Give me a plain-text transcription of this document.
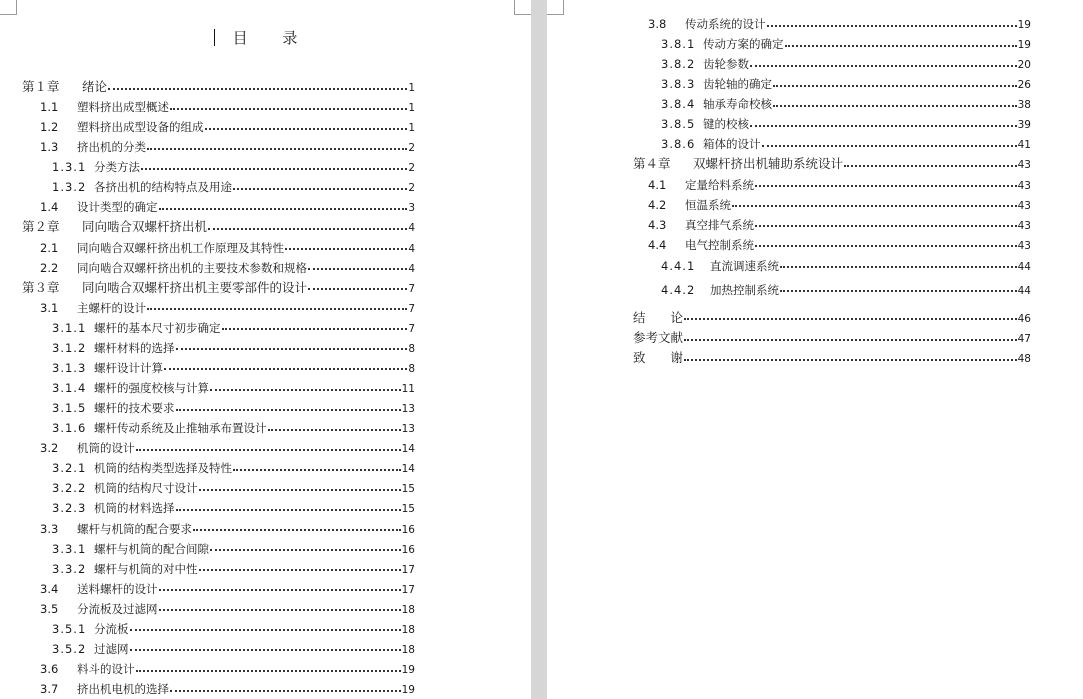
目 录
第１章	绪论	1
1.1	塑料挤出成型概述	1
1.2	塑料挤出成型设备的组成	1
1.3	挤出机的分类	2
1.3.1 分类方法	2
1.3.2 各挤出机的结构特点及用途	2
1.4	设计类型的确定	3
第２章	同向啮合双螺杆挤出机	4
2.1	同向啮合双螺杆挤出机工作原理及其特性	4
2.2	同向啮合双螺杆挤出机的主要技术参数和规格	4
第３章	同向啮合双螺杆挤出机主要零部件的设计	7
3.1	主螺杆的设计	7
3.1.1 螺杆的基本尺寸初步确定	7
3.1.2 螺杆材料的选择	8
3.1.3 螺杆设计计算	8
3.1.4 螺杆的强度校核与计算	11
3.1.5 螺杆的技术要求	13
3.1.6 螺杆传动系统及止推轴承布置设计	13
3.2	机筒的设计	14
3.2.1 机筒的结构类型选择及特性	14
3.2.2 机筒的结构尺寸设计	15
3.2.3 机筒的材料选择	15
3.3	螺杆与机筒的配合要求	16
3.3.1 螺杆与机筒的配合间隙	16
3.3.2 螺杆与机筒的对中性	17
3.4	送料螺杆的设计	17
3.5	分流板及过滤网	18
3.5.1 分流板	18
3.5.2 过滤网	18
3.6	料斗的设计	19
3.7	挤出机电机的选择	19
3.8	传动系统的设计	19
3.8.1 传动方案的确定	19
3.8.2 齿轮参数	20
3.8.3 齿轮轴的确定	26
3.8.4 轴承寿命校核	38
3.8.5 键的校核	39
3.8.6 箱体的设计	41
第４章	双螺杆挤出机辅助系统设计	43
4.1	定量给料系统	43
4.2	恒温系统	43
4.3	真空排气系统	43
4.4	电气控制系统	43
4.4.1	直流调速系统	44
4.4.2	加热控制系统	44
结　　论	46
参考文献	47
致　　谢	48
